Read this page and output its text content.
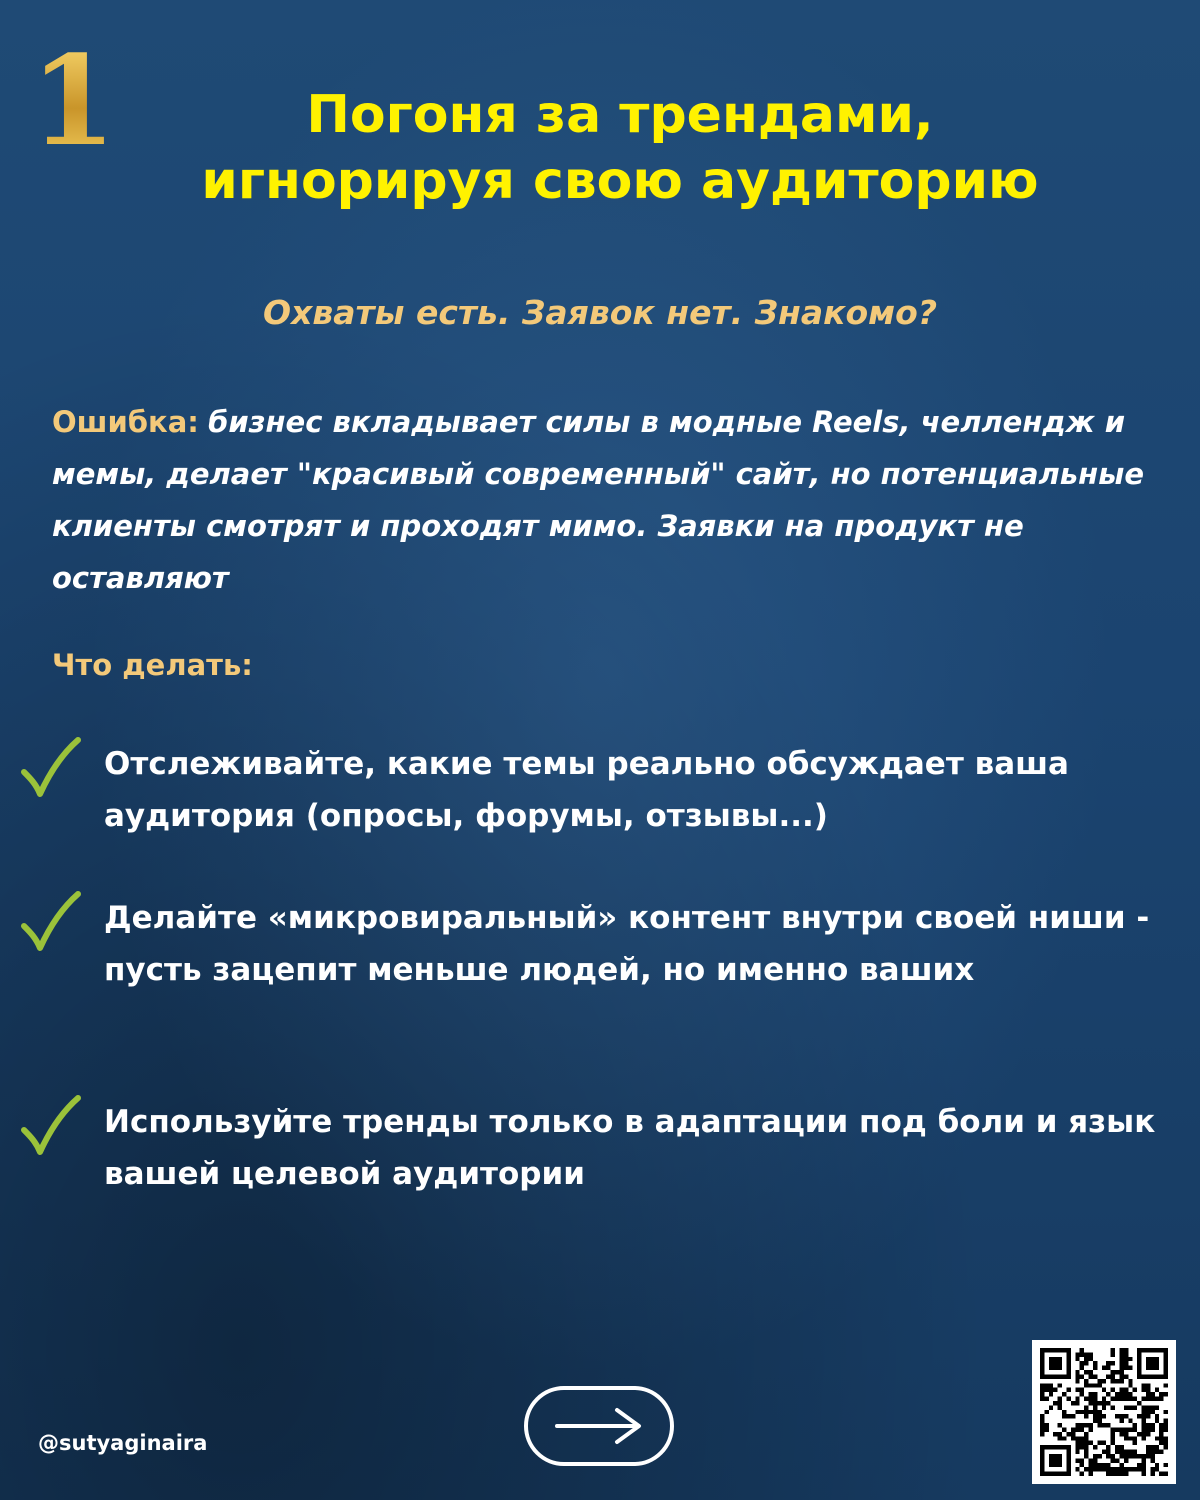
1	Погоня за трендами,
игнорируя свою аудиторию
Охваты есть. Заявок нет. Знакомо?
Ошибка: бизнес вкладывает силы в модные Reels, челлендж и мемы, делает "красивый современный" сайт, но потенциальные клиенты смотрят и проходят мимо. Заявки на продукт не оставляют
Что делать:
Отслеживайте, какие темы реально обсуждает ваша аудитория (опросы, форумы, отзывы...)
Делайте «микровиральный» контент внутри своей ниши - пусть зацепит меньше людей, но именно ваших
Используйте тренды только в адаптации под боли и язык вашей целевой аудитории
@sutyaginaira
